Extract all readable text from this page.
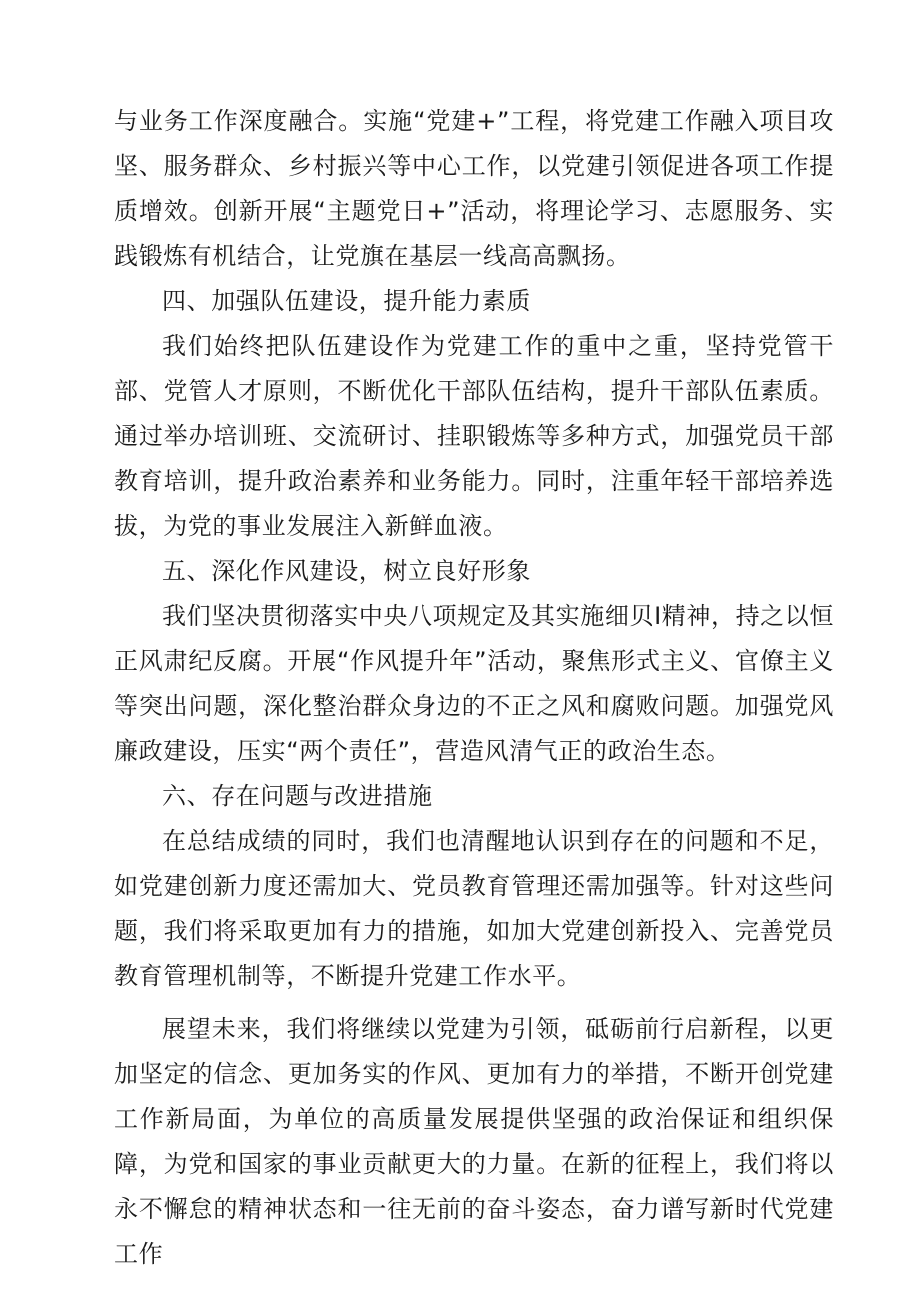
与业务工作深度融合。实施“党建+”工程，将党建工作融入项目攻坚、服务群众、乡村振兴等中心工作，以党建引领促进各项工作提质增效。创新开展“主题党日+”活动，将理论学习、志愿服务、实践锻炼有机结合，让党旗在基层一线高高飘扬。

四、加强队伍建设，提升能力素质

我们始终把队伍建设作为党建工作的重中之重，坚持党管干部、党管人才原则，不断优化干部队伍结构，提升干部队伍素质。通过举办培训班、交流研讨、挂职锻炼等多种方式，加强党员干部教育培训，提升政治素养和业务能力。同时，注重年轻干部培养选拔，为党的事业发展注入新鲜血液。

五、深化作风建设，树立良好形象

我们坚决贯彻落实中央八项规定及其实施细贝I精神，持之以恒正风肃纪反腐。开展“作风提升年”活动，聚焦形式主义、官僚主义等突出问题，深化整治群众身边的不正之风和腐败问题。加强党风廉政建设，压实“两个责任”，营造风清气正的政治生态。

六、存在问题与改进措施

在总结成绩的同时，我们也清醒地认识到存在的问题和不足，如党建创新力度还需加大、党员教育管理还需加强等。针对这些问题，我们将采取更加有力的措施，如加大党建创新投入、完善党员教育管理机制等，不断提升党建工作水平。

展望未来，我们将继续以党建为引领，砥砺前行启新程，以更加坚定的信念、更加务实的作风、更加有力的举措，不断开创党建工作新局面，为单位的高质量发展提供坚强的政治保证和组织保障，为党和国家的事业贡献更大的力量。在新的征程上，我们将以永不懈怠的精神状态和一往无前的奋斗姿态，奋力谱写新时代党建工作
